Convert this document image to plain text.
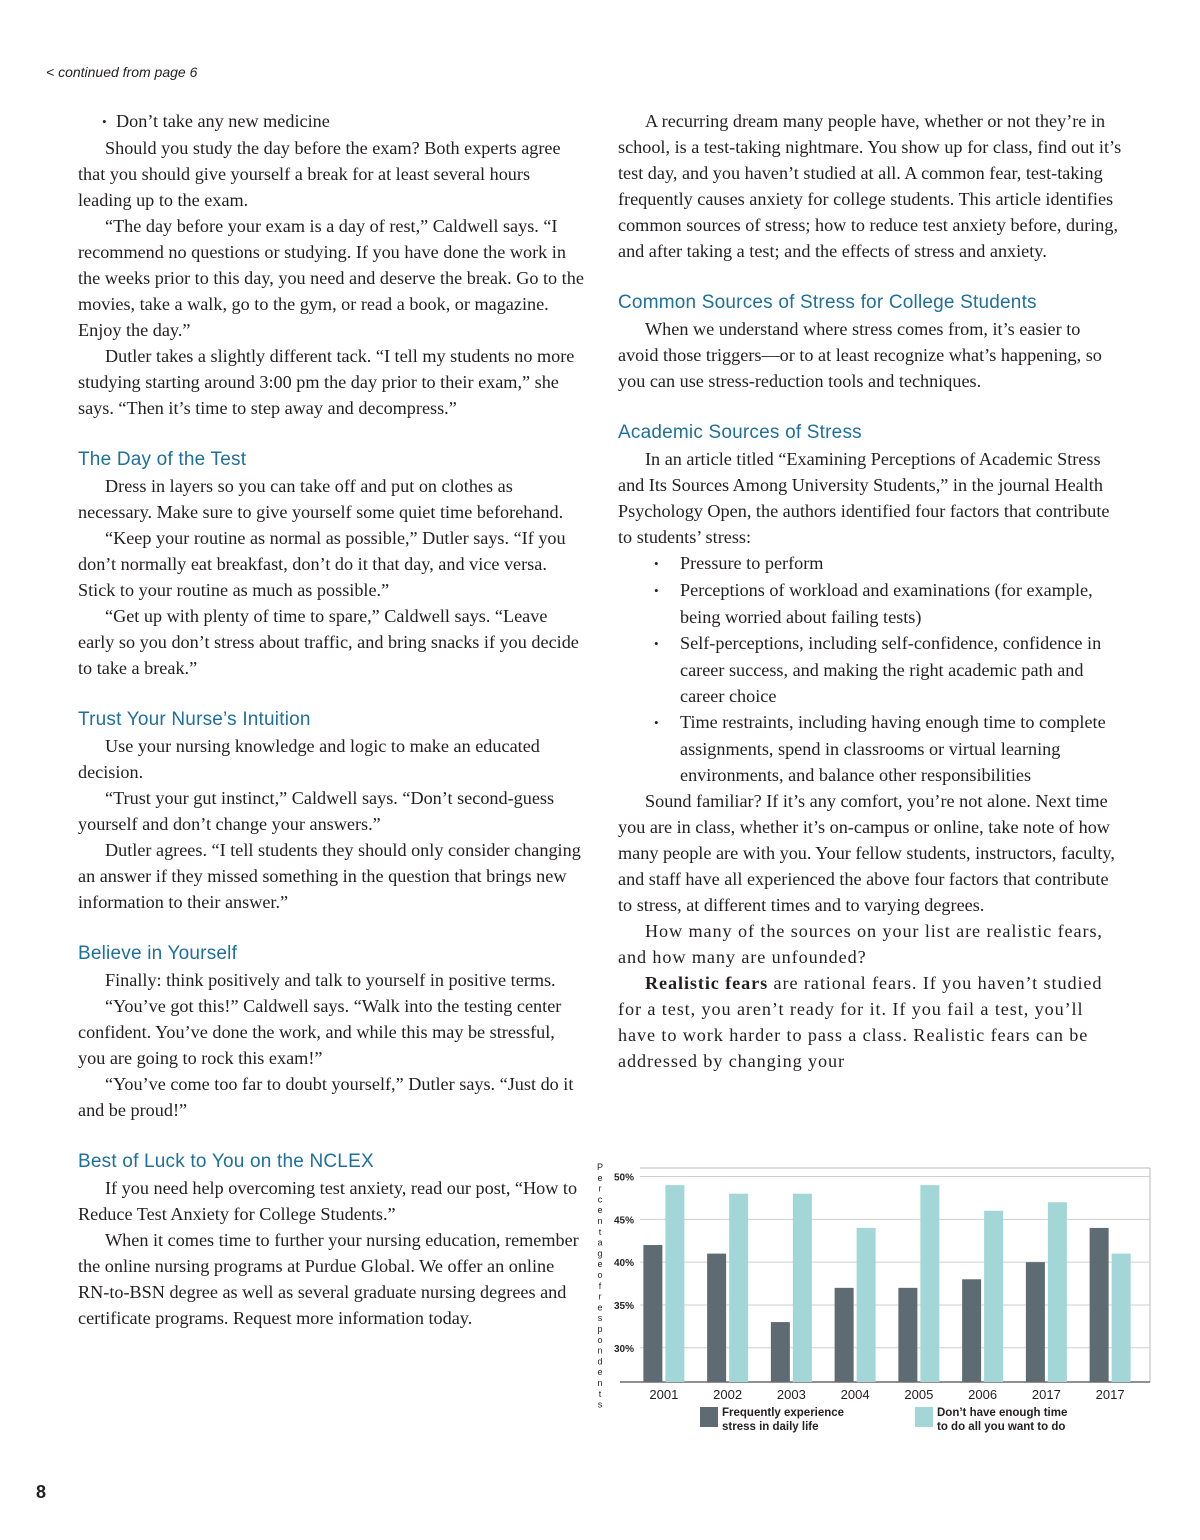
< continued from page 6

• Don’t take any new medicine

Should you study the day before the exam? Both experts agree that you should give yourself a break for at least several hours leading up to the exam.

“The day before your exam is a day of rest,” Caldwell says. “I recommend no questions or studying. If you have done the work in the weeks prior to this day, you need and deserve the break. Go to the movies, take a walk, go to the gym, or read a book, or magazine. Enjoy the day.”

Dutler takes a slightly different tack. “I tell my students no more studying starting around 3:00 pm the day prior to their exam,” she says. “Then it’s time to step away and decompress.”

The Day of the Test

Dress in layers so you can take off and put on clothes as necessary. Make sure to give yourself some quiet time beforehand.

“Keep your routine as normal as possible,” Dutler says. “If you don’t normally eat breakfast, don’t do it that day, and vice versa. Stick to your routine as much as possible.”

“Get up with plenty of time to spare,” Caldwell says. “Leave early so you don’t stress about traffic, and bring snacks if you decide to take a break.”

Trust Your Nurse’s Intuition

Use your nursing knowledge and logic to make an educated decision.

“Trust your gut instinct,” Caldwell says. “Don’t second-guess yourself and don’t change your answers.”

Dutler agrees. “I tell students they should only consider changing an answer if they missed something in the question that brings new information to their answer.”

Believe in Yourself

Finally: think positively and talk to yourself in positive terms.

“You’ve got this!” Caldwell says. “Walk into the testing center confident. You’ve done the work, and while this may be stressful, you are going to rock this exam!”

“You’ve come too far to doubt yourself,” Dutler says. “Just do it and be proud!”

Best of Luck to You on the NCLEX

If you need help overcoming test anxiety, read our post, “How to Reduce Test Anxiety for College Students.”

When it comes time to further your nursing education, remember the online nursing programs at Purdue Global. We offer an online RN-to-BSN degree as well as several graduate nursing degrees and certificate programs. Request more information today.

A recurring dream many people have, whether or not they’re in school, is a test-taking nightmare. You show up for class, find out it’s test day, and you haven’t studied at all. A common fear, test-taking frequently causes anxiety for college students. This article identifies common sources of stress; how to reduce test anxiety before, during, and after taking a test; and the effects of stress and anxiety.

Common Sources of Stress for College Students

When we understand where stress comes from, it’s easier to avoid those triggers—or to at least recognize what’s happening, so you can use stress-reduction tools and techniques.

Academic Sources of Stress

In an article titled “Examining Perceptions of Academic Stress and Its Sources Among University Students,” in the journal Health Psychology Open, the authors identified four factors that contribute to students’ stress:

• Pressure to perform

• Perceptions of workload and examinations (for example, being worried about failing tests)

• Self-perceptions, including self-confidence, confidence in career success, and making the right academic path and career choice

• Time restraints, including having enough time to complete assignments, spend in classrooms or virtual learning environments, and balance other responsibilities

Sound familiar? If it’s any comfort, you’re not alone. Next time you are in class, whether it’s on-campus or online, take note of how many people are with you. Your fellow students, instructors, faculty, and staff have all experienced the above four factors that contribute to stress, at different times and to varying degrees.

How many of the sources on your list are realistic fears, and how many are unfounded?

Realistic fears are rational fears. If you haven’t studied for a test, you aren’t ready for it. If you fail a test, you’ll have to work harder to pass a class. Realistic fears can be addressed by changing your

30%
35%
40%
45%
50%
P e r c e n t a g e o f r e s p o n d e n t s
2001	2002	2003	2004	2005	2006	2017	2017
Frequently experience
stress in daily life
Don’t have enough time
to do all you want to do
8
